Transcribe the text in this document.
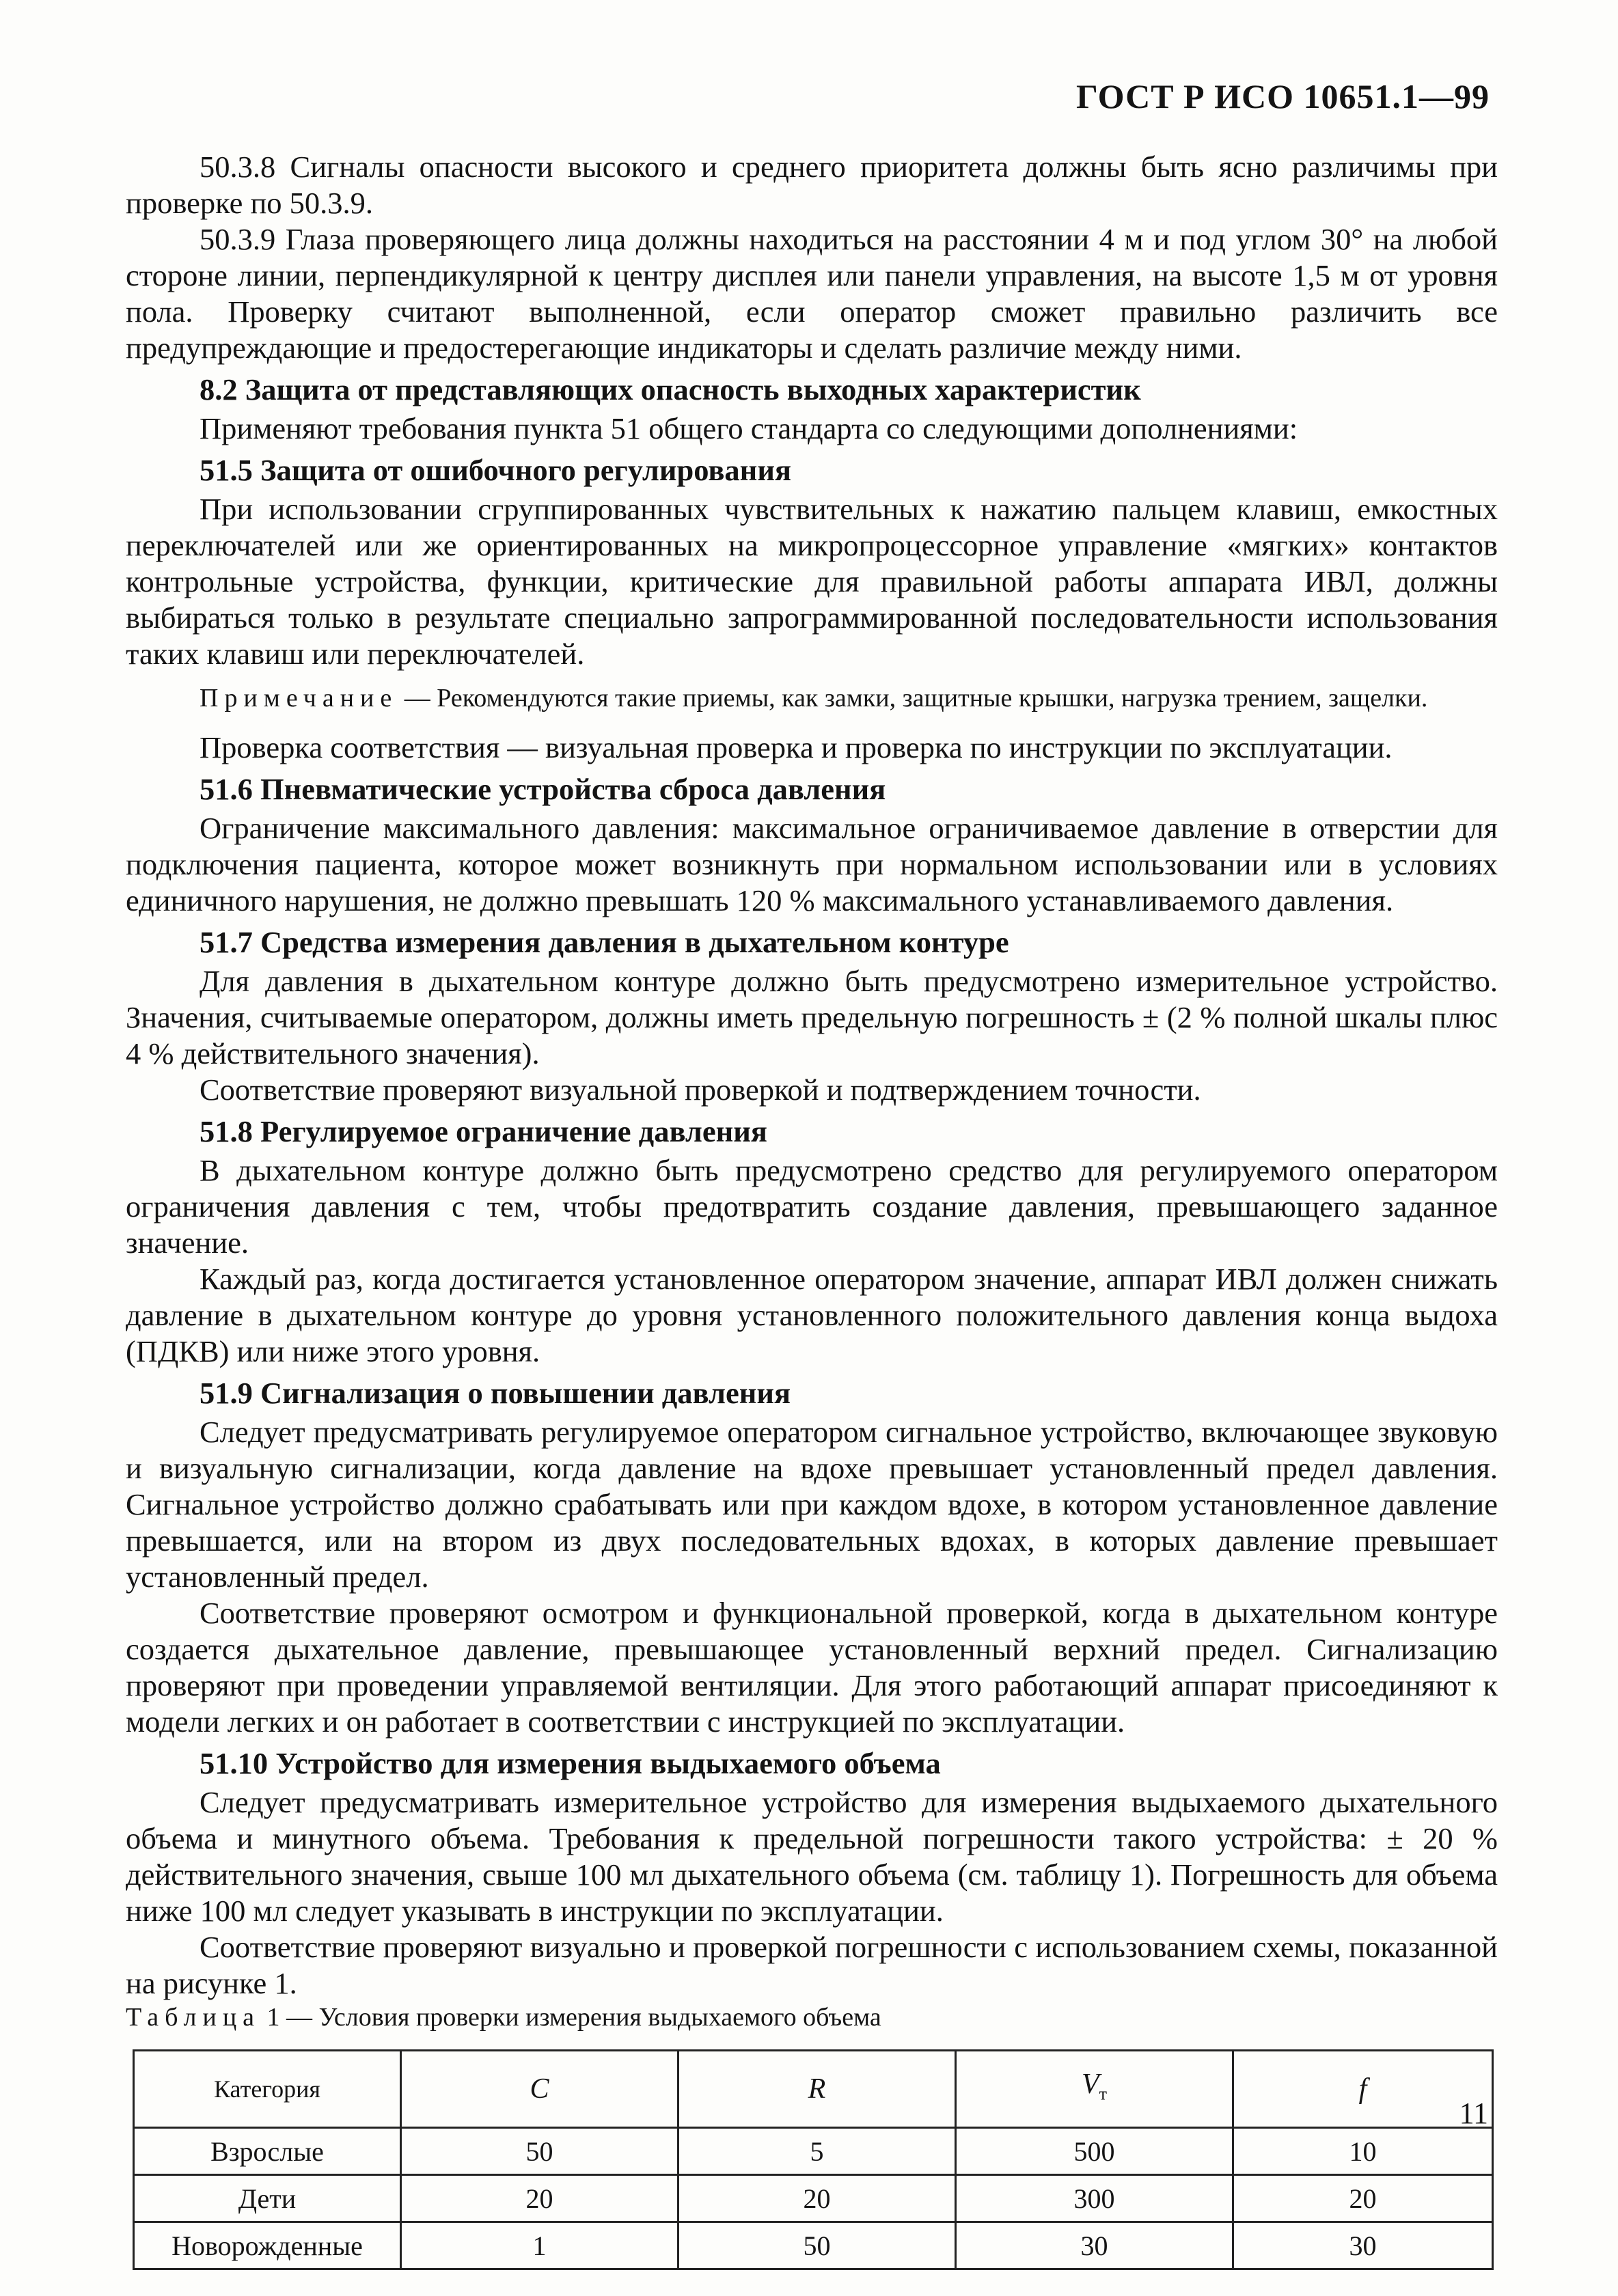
ГОСТ Р ИСО 10651.1—99

50.3.8 Сигналы опасности высокого и среднего приоритета должны быть ясно различимы при проверке по 50.3.9.

50.3.9 Глаза проверяющего лица должны находиться на расстоянии 4 м и под углом 30° на любой стороне линии, перпендикулярной к центру дисплея или панели управления, на высоте 1,5 м от уровня пола. Проверку считают выполненной, если оператор сможет правильно различить все предупреждающие и предостерегающие индикаторы и сделать различие между ними.

8.2 Защита от представляющих опасность выходных характеристик

Применяют требования пункта 51 общего стандарта со следующими дополнениями:

51.5 Защита от ошибочного регулирования

При использовании сгруппированных чувствительных к нажатию пальцем клавиш, емкостных переключателей или же ориентированных на микропроцессорное управление «мягких» контактов контрольные устройства, функции, критические для правильной работы аппарата ИВЛ, должны выбираться только в результате специально запрограммированной последовательности использования таких клавиш или переключателей.

Примечание — Рекомендуются такие приемы, как замки, защитные крышки, нагрузка трением, защелки.

Проверка соответствия — визуальная проверка и проверка по инструкции по эксплуатации.

51.6 Пневматические устройства сброса давления

Ограничение максимального давления: максимальное ограничиваемое давление в отверстии для подключения пациента, которое может возникнуть при нормальном использовании или в условиях единичного нарушения, не должно превышать 120 % максимального устанавливаемого давления.

51.7 Средства измерения давления в дыхательном контуре

Для давления в дыхательном контуре должно быть предусмотрено измерительное устройство. Значения, считываемые оператором, должны иметь предельную погрешность ± (2 % полной шкалы плюс 4 % действительного значения).

Соответствие проверяют визуальной проверкой и подтверждением точности.

51.8 Регулируемое ограничение давления

В дыхательном контуре должно быть предусмотрено средство для регулируемого оператором ограничения давления с тем, чтобы предотвратить создание давления, превышающего заданное значение.

Каждый раз, когда достигается установленное оператором значение, аппарат ИВЛ должен снижать давление в дыхательном контуре до уровня установленного положительного давления конца выдоха (ПДКВ) или ниже этого уровня.

51.9 Сигнализация о повышении давления

Следует предусматривать регулируемое оператором сигнальное устройство, включающее звуковую и визуальную сигнализации, когда давление на вдохе превышает установленный предел давления. Сигнальное устройство должно срабатывать или при каждом вдохе, в котором установленное давление превышается, или на втором из двух последовательных вдохах, в которых давление превышает установленный предел.

Соответствие проверяют осмотром и функциональной проверкой, когда в дыхательном контуре создается дыхательное давление, превышающее установленный верхний предел. Сигнализацию проверяют при проведении управляемой вентиляции. Для этого работающий аппарат присоединяют к модели легких и он работает в соответствии с инструкцией по эксплуатации.

51.10 Устройство для измерения выдыхаемого объема

Следует предусматривать измерительное устройство для измерения выдыхаемого дыхательного объема и минутного объема. Требования к предельной погрешности такого устройства: ± 20 % действительного значения, свыше 100 мл дыхательного объема (см. таблицу 1). Погрешность для объема ниже 100 мл следует указывать в инструкции по эксплуатации.

Соответствие проверяют визуально и проверкой погрешности с использованием схемы, показанной на рисунке 1.

Таблица 1 — Условия проверки измерения выдыхаемого объема

Категория	C	R	$V_т$	f
Взрослые	50	5	500	10
Дети	20	20	300	20
Новорожденные	1	50	30	30
11
